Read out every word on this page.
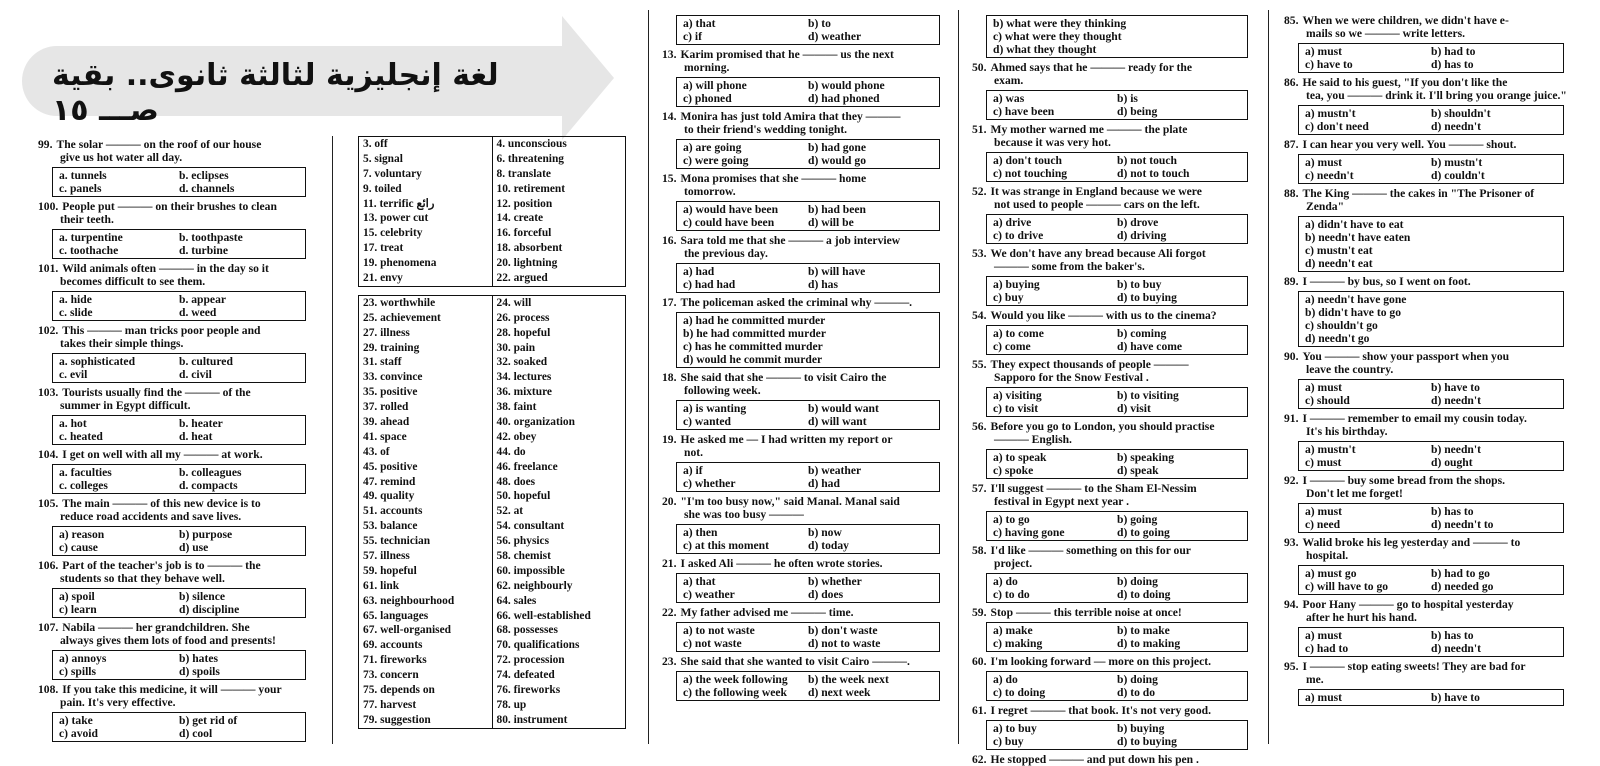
لغة إنجليزية لثالثة ثانوى.. بقية صـــ ١٥
99. The solar ——— on the roof of our house
give us hot water all day.
a. tunnels	b. eclipses
c. panels	d. channels
100. People put ——— on their brushes to clean
their teeth.
a. turpentine	b. toothpaste
c. toothache	d. turbine
101. Wild animals often ——— in the day so it
becomes difficult to see them.
a. hide	b. appear
c. slide	d. weed
102. This ——— man tricks poor people and
takes their simple things.
a. sophisticated	b. cultured
c. evil	d. civil
103. Tourists usually find the ——— of the
summer in Egypt difficult.
a. hot	b. heater
c. heated	d. heat
104. I get on well with all my ——— at work.
a. faculties	b. colleagues
c. colleges	d. compacts
105. The main ——— of this new device is to
reduce road accidents and save lives.
a) reason	b) purpose
c) cause	d) use
106. Part of the teacher's job is to ——— the
students so that they behave well.
a) spoil	b) silence
c) learn	d) discipline
107. Nabila ——— her grandchildren. She
always gives them lots of food and presents!
a) annoys	b) hates
c) spills	d) spoils
108. If you take this medicine, it will ——— your
pain. It's very effective.
a) take	b) get rid of
c) avoid	d) cool
3. off	4. unconscious
5. signal	6. threatening
7. voluntary	8. translate
9. toiled	10. retirement
11. terrific رائع	12. position
13. power cut	14. create
15. celebrity	16. forceful
17. treat	18. absorbent
19. phenomena	20. lightning
21. envy	22. argued
23. worthwhile	24. will
25. achievement	26. process
27. illness	28. hopeful
29. training	30. pain
31. staff	32. soaked
33. convince	34. lectures
35. positive	36. mixture
37. rolled	38. faint
39. ahead	40. organization
41. space	42. obey
43. of	44. do
45. positive	46. freelance
47. remind	48. does
49. quality	50. hopeful
51. accounts	52. at
53. balance	54. consultant
55. technician	56. physics
57. illness	58. chemist
59. hopeful	60. impossible
61. link	62. neighbourly
63. neighbourhood	64. sales
65. languages	66. well-established
67. well-organised	68. possesses
69. accounts	70. qualifications
71. fireworks	72. procession
73. concern	74. defeated
75. depends on	76. fireworks
77. harvest	78. up
79. suggestion	80. instrument
a) that	b) to
c) if	d) weather
13. Karim promised that he ——— us the next
morning.
a) will phone	b) would phone
c) phoned	d) had phoned
14. Monira has just told Amira that they ———
to their friend's wedding tonight.
a) are going	b) had gone
c) were going	d) would go
15. Mona promises that she ——— home
tomorrow.
a) would have been	b) had been
c) could have been	d) will be
16. Sara told me that she ——— a job interview
the previous day.
a) had	b) will have
c) had had	d) has
17. The policeman asked the criminal why ———.
a) had he committed murder
b) he had committed murder
c) has he committed murder
d) would he commit murder
18. She said that she ——— to visit Cairo the
following week.
a) is wanting	b) would want
c) wanted	d) will want
19. He asked me — I had written my report or
not.
a) if	b) weather
c) whether	d) had
20. "I'm too busy now," said Manal. Manal said
she was too busy ———
a) then	b) now
c) at this moment	d) today
21. I asked Ali ——— he often wrote stories.
a) that	b) whether
c) weather	d) does
22. My father advised me ——— time.
a) to not waste	b) don't waste
c) not waste	d) not to waste
23. She said that she wanted to visit Cairo ———.
a) the week following	b) the week next
c) the following week	d) next week
b) what were they thinking
c) what were they thought
d) what they thought
50. Ahmed says that he ——— ready for the
exam.
a) was	b) is
c) have been	d) being
51. My mother warned me ——— the plate
because it was very hot.
a) don't touch	b) not touch
c) not touching	d) not to touch
52. It was strange in England because we were
not used to people ——— cars on the left.
a) drive	b) drove
c) to drive	d) driving
53. We don't have any bread because Ali forgot
——— some from the baker's.
a) buying	b) to buy
c) buy	d) to buying
54. Would you like ——— with us to the cinema?
a) to come	b) coming
c) come	d) have come
55. They expect thousands of people ———
Sapporo for the Snow Festival .
a) visiting	b) to visiting
c) to visit	d) visit
56. Before you go to London, you should practise
——— English.
a) to speak	b) speaking
c) spoke	d) speak
57. I'll suggest ——— to the Sham El-Nessim
festival in Egypt next year .
a) to go	b) going
c) having gone	d) to going
58. I'd like ——— something on this for our
project.
a) do	b) doing
c) to do	d) to doing
59. Stop ——— this terrible noise at once!
a) make	b) to make
c) making	d) to making
60. I'm looking forward — more on this project.
a) do	b) doing
c) to doing	d) to do
61. I regret ——— that book. It's not very good.
a) to buy	b) buying
c) buy	d) to buying
62. He stopped ——— and put down his pen .
85. When we were children, we didn't have e-
mails so we ——— write letters.
a) must	b) had to
c) have to	d) has to
86. He said to his guest, "If you don't like the
tea, you ——— drink it. I'll bring you orange juice."
a) mustn't	b) shouldn't
c) don't need	d) needn't
87. I can hear you very well. You ——— shout.
a) must	b) mustn't
c) needn't	d) couldn't
88. The King ——— the cakes in "The Prisoner of
Zenda"
a) didn't have to eat
b) needn't have eaten
c) mustn't eat
d) needn't eat
89. I ——— by bus, so I went on foot.
a) needn't have gone
b) didn't have to go
c) shouldn't go
d) needn't go
90. You ——— show your passport when you
leave the country.
a) must	b) have to
c) should	d) needn't
91. I ——— remember to email my cousin today.
It's his birthday.
a) mustn't	b) needn't
c) must	d) ought
92. I ——— buy some bread from the shops.
Don't let me forget!
a) must	b) has to
c) need	d) needn't to
93. Walid broke his leg yesterday and ——— to
hospital.
a) must go	b) had to go
c) will have to go	d) needed go
94. Poor Hany ——— go to hospital yesterday
after he hurt his hand.
a) must	b) has to
c) had to	d) needn't
95. I ——— stop eating sweets! They are bad for
me.
a) must	b) have to
